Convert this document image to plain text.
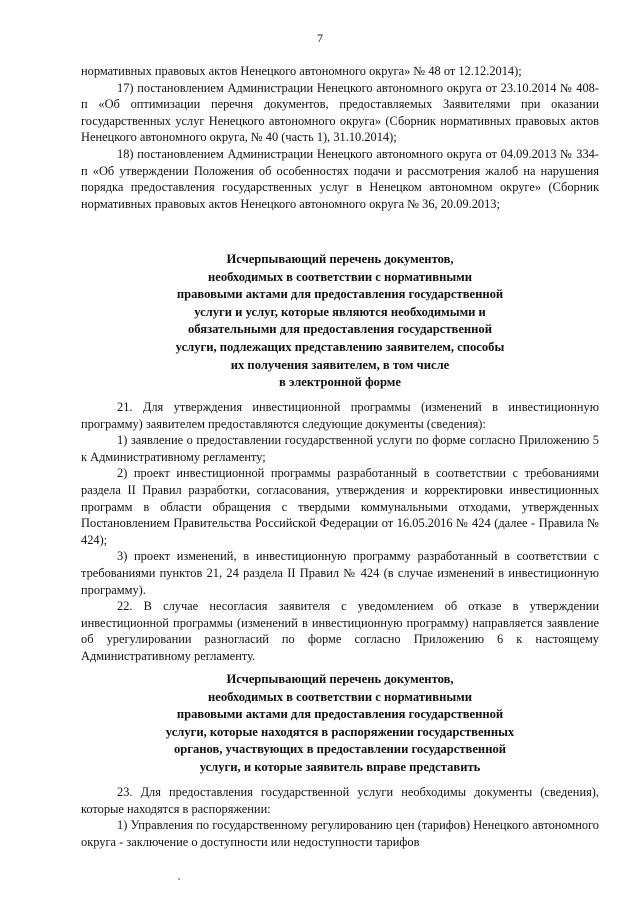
7

нормативных правовых актов Ненецкого автономного округа» № 48 от 12.12.2014);

17) постановлением Администрации Ненецкого автономного округа от 23.10.2014 № 408-п «Об оптимизации перечня документов, предоставляемых Заявителями при оказании государственных услуг Ненецкого автономного округа» (Сборник нормативных правовых актов Ненецкого автономного округа, № 40 (часть 1), 31.10.2014);

18) постановлением Администрации Ненецкого автономного округа от 04.09.2013 № 334-п «Об утверждении Положения об особенностях подачи и рассмотрения жалоб на нарушения порядка предоставления государственных услуг в Ненецком автономном округе» (Сборник нормативных правовых актов Ненецкого автономного округа № 36, 20.09.2013;

Исчерпывающий перечень документов,
необходимых в соответствии с нормативными
правовыми актами для предоставления государственной
услуги и услуг, которые являются необходимыми и
обязательными для предоставления государственной
услуги, подлежащих представлению заявителем, способы
их получения заявителем, в том числе
в электронной форме

21. Для утверждения инвестиционной программы (изменений в инвестиционную программу) заявителем предоставляются следующие документы (сведения):

1) заявление о предоставлении государственной услуги по форме согласно Приложению 5 к Административному регламенту;

2) проект инвестиционной программы разработанный в соответствии с требованиями раздела II Правил разработки, согласования, утверждения и корректировки инвестиционных программ в области обращения с твердыми коммунальными отходами, утвержденных Постановлением Правительства Российской Федерации от 16.05.2016 № 424 (далее - Правила № 424);

3) проект изменений, в инвестиционную программу разработанный в соответствии с требованиями пунктов 21, 24 раздела II Правил № 424 (в случае изменений в инвестиционную программу).

22. В случае несогласия заявителя с уведомлением об отказе в утверждении инвестиционной программы (изменений в инвестиционную программу) направляется заявление об урегулировании разногласий по форме согласно Приложению 6 к настоящему Административному регламенту.

Исчерпывающий перечень документов,
необходимых в соответствии с нормативными
правовыми актами для предоставления государственной
услуги, которые находятся в распоряжении государственных
органов, участвующих в предоставлении государственной
услуги, и которые заявитель вправе представить

23. Для предоставления государственной услуги необходимы документы (сведения), которые находятся в распоряжении:

1) Управления по государственному регулированию цен (тарифов) Ненецкого автономного округа - заключение о доступности или недоступности тарифов
